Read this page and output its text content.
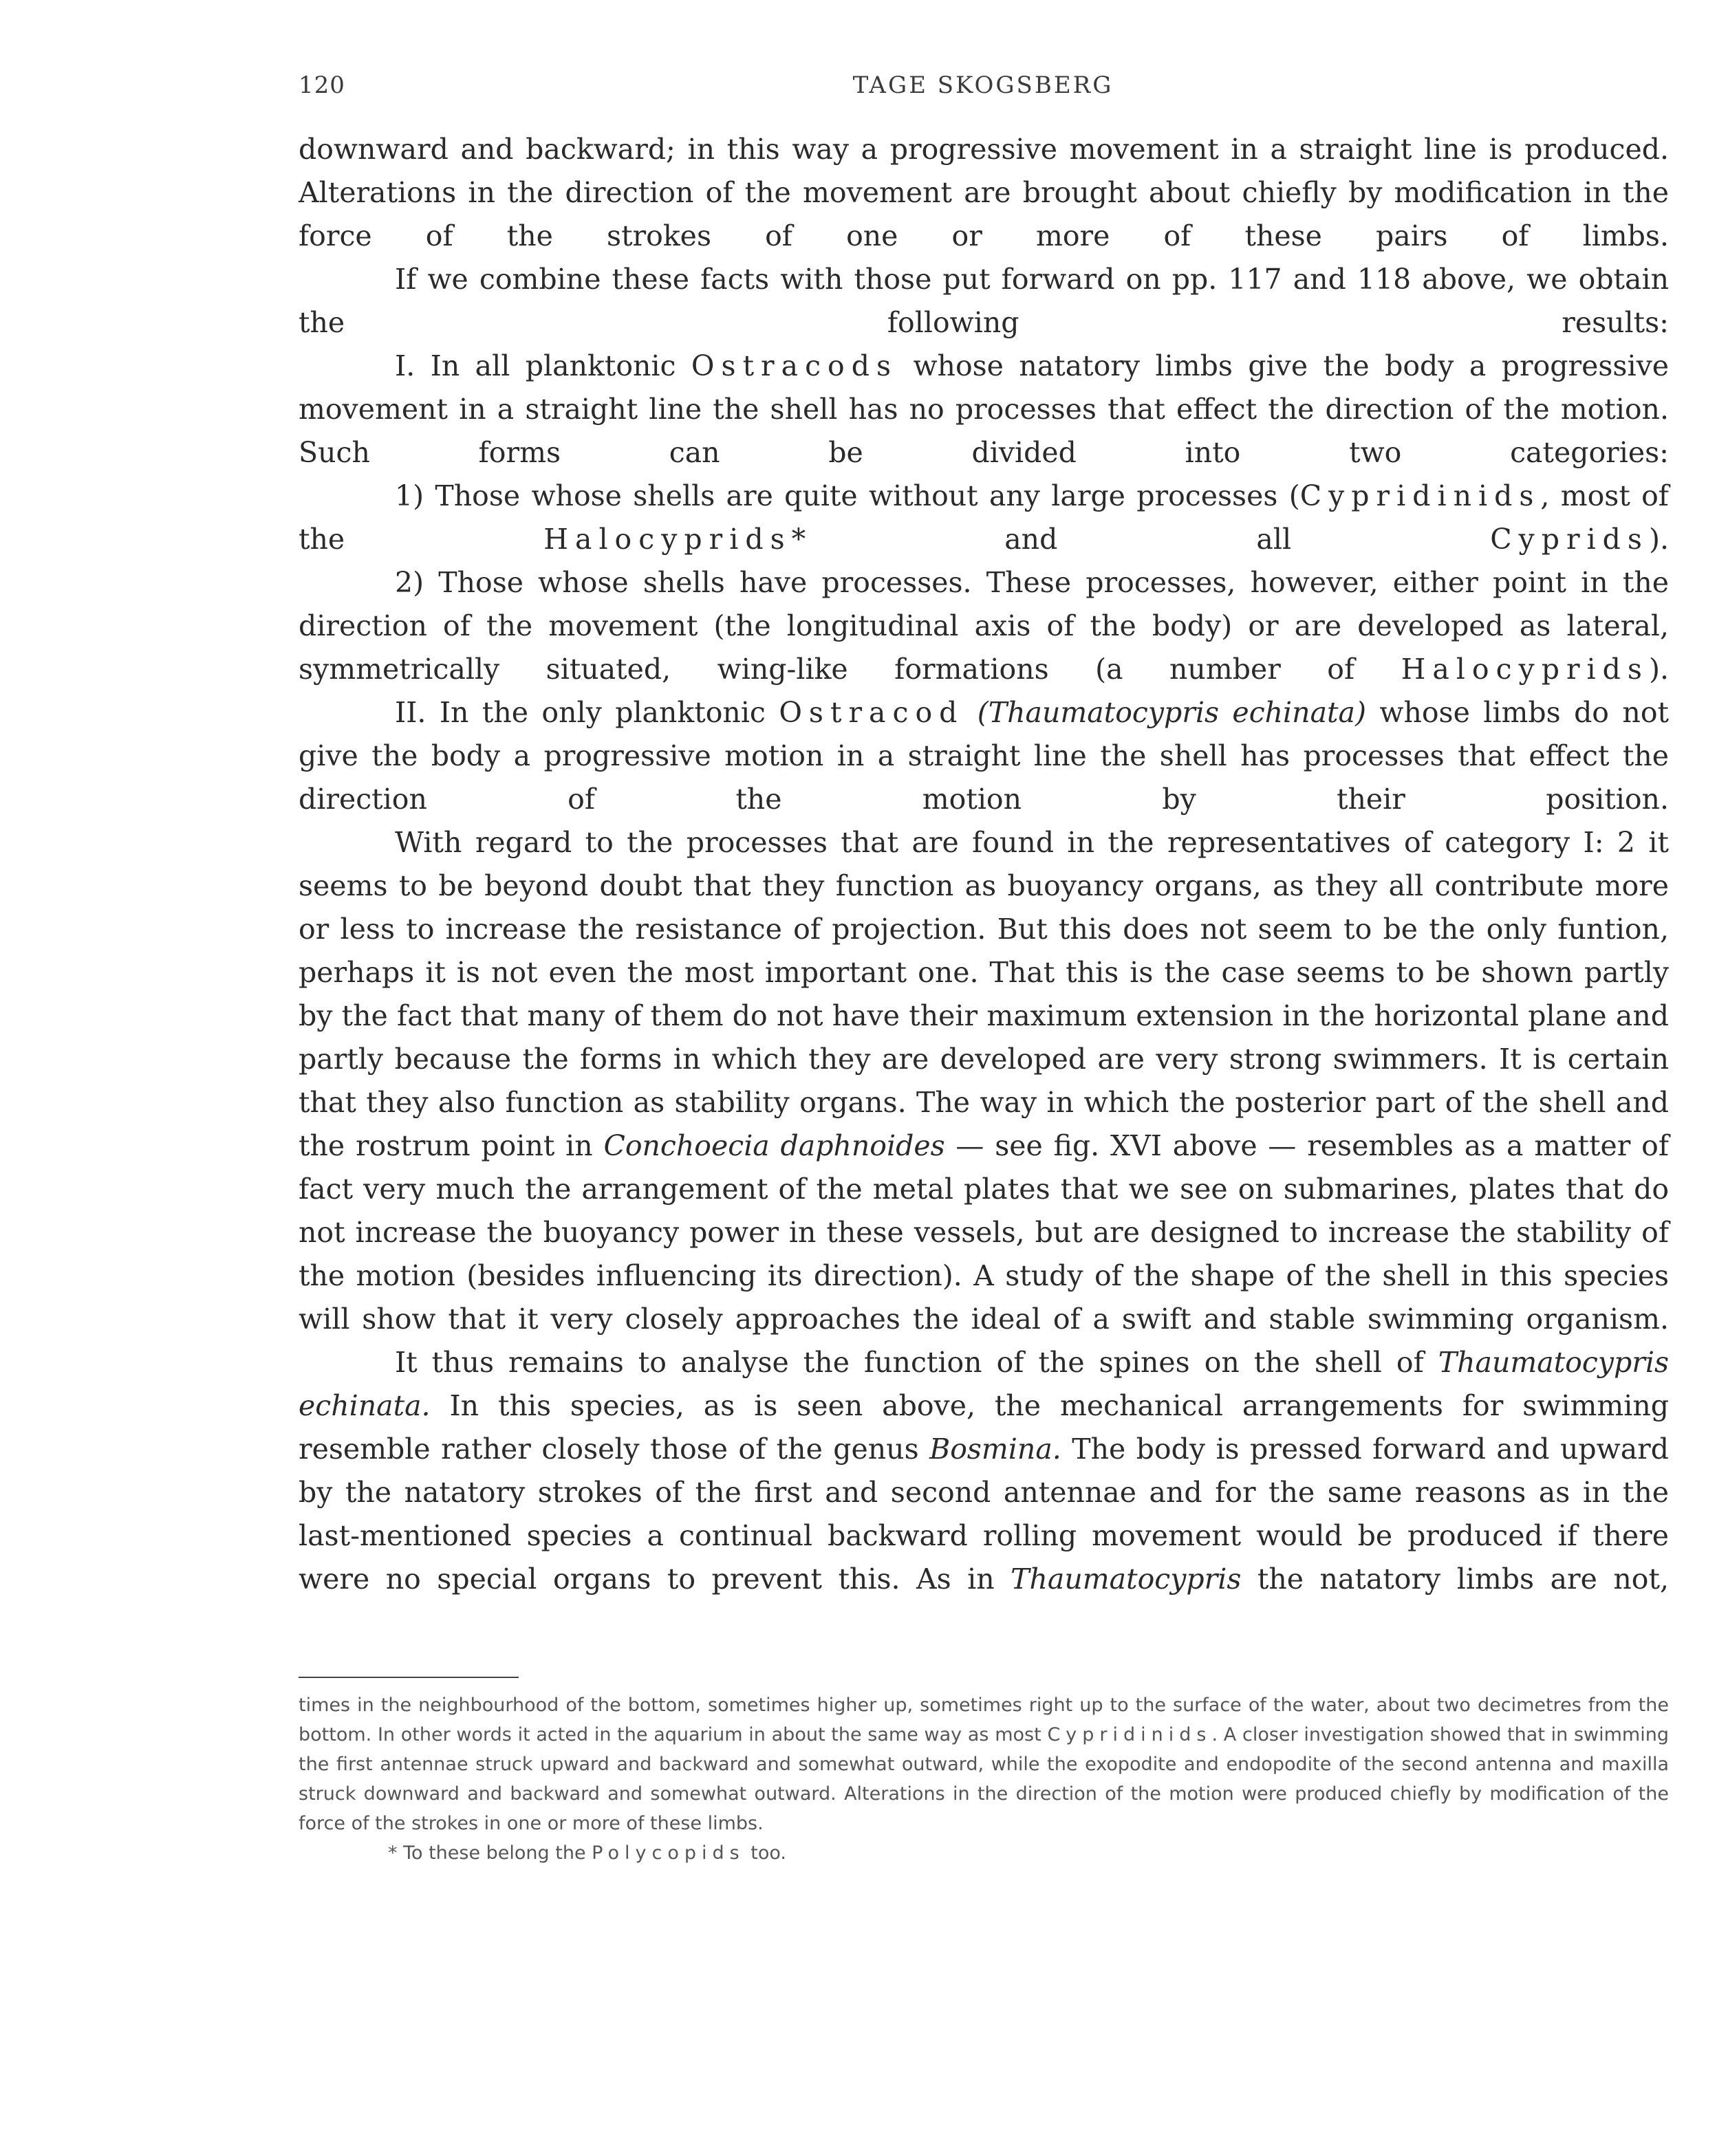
120	TAGE SKOGSBERG

downward and backward; in this way a progressive movement in a straight line is produced. Alterations in the direction of the movement are brought about chiefly by modification in the force of the strokes of one or more of these pairs of limbs.

If we combine these facts with those put forward on pp. 117 and 118 above, we obtain the following results:

I. In all planktonic Ostracods whose natatory limbs give the body a progressive movement in a straight line the shell has no processes that effect the direction of the motion. Such forms can be divided into two categories:

1) Those whose shells are quite without any large processes (Cypridinids, most of the Halocyprids* and all Cyprids).

2) Those whose shells have processes. These processes, however, either point in the direction of the movement (the longitudinal axis of the body) or are developed as lateral, symmetrically situated, wing-like formations (a number of Halocyprids).

II. In the only planktonic Ostracod (Thaumatocypris echinata) whose limbs do not give the body a progressive motion in a straight line the shell has processes that effect the direction of the motion by their position.

With regard to the processes that are found in the representatives of category I: 2 it seems to be beyond doubt that they function as buoyancy organs, as they all contribute more or less to increase the resistance of projection. But this does not seem to be the only funtion, perhaps it is not even the most important one. That this is the case seems to be shown partly by the fact that many of them do not have their maximum extension in the horizontal plane and partly because the forms in which they are developed are very strong swimmers. It is certain that they also function as stability organs. The way in which the posterior part of the shell and the rostrum point in Conchoecia daphnoides — see fig. XVI above — resembles as a matter of fact very much the arrangement of the metal plates that we see on submarines, plates that do not increase the buoyancy power in these vessels, but are designed to increase the stability of the motion (besides influencing its direction). A study of the shape of the shell in this species will show that it very closely approaches the ideal of a swift and stable swimming organism.

It thus remains to analyse the function of the spines on the shell of Thaumatocypris echinata. In this species, as is seen above, the mechanical arrangements for swimming resemble rather closely those of the genus Bosmina. The body is pressed forward and upward by the natatory strokes of the first and second antennae and for the same reasons as in the last-mentioned species a continual backward rolling movement would be produced if there were no special organs to prevent this. As in Thaumatocypris the natatory limbs are not,

times in the neighbourhood of the bottom, sometimes higher up, sometimes right up to the surface of the water, about two decimetres from the bottom. In other words it acted in the aquarium in about the same way as most Cypridinids. A closer investigation showed that in swimming the first antennae struck upward and backward and somewhat outward, while the exopodite and endopodite of the second antenna and maxilla struck downward and backward and somewhat outward. Alterations in the direction of the motion were produced chiefly by modification of the force of the strokes in one or more of these limbs.

* To these belong the Polycopids too.
